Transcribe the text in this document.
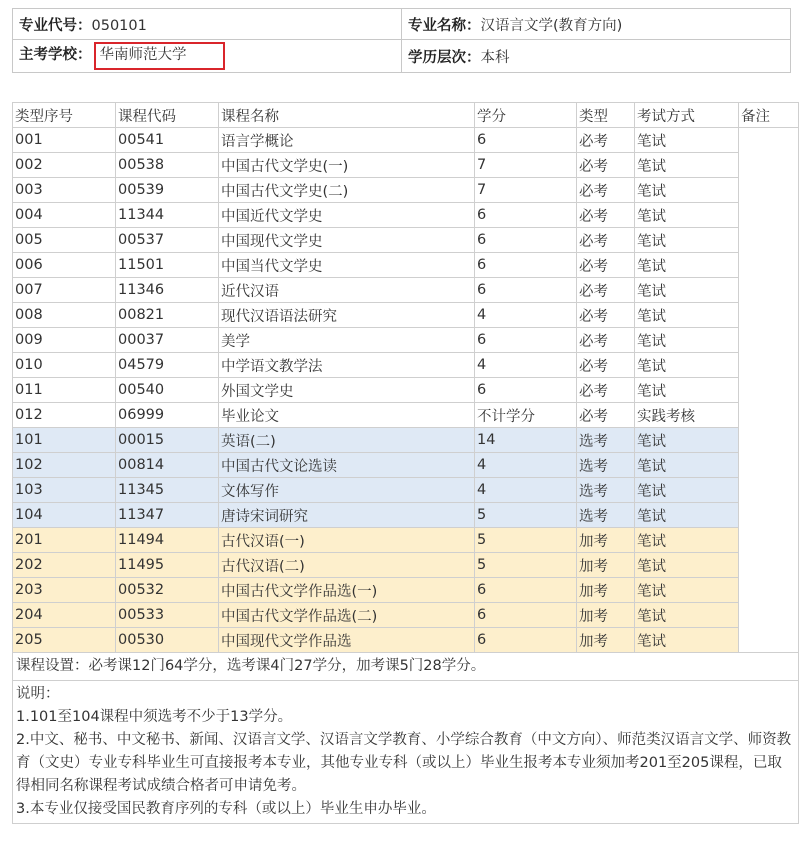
专业代号：050101	专业名称：汉语言文学(教育方向)
主考学校： 华南师范大学	学历层次：本科
类型序号	课程代码	课程名称	学分	类型	考试方式	备注
001	00541	语言学概论	6	必考	笔试	
002	00538	中国古代文学史(一)	7	必考	笔试	
003	00539	中国古代文学史(二)	7	必考	笔试	
004	11344	中国近代文学史	6	必考	笔试	
005	00537	中国现代文学史	6	必考	笔试	
006	11501	中国当代文学史	6	必考	笔试	
007	11346	近代汉语	6	必考	笔试	
008	00821	现代汉语语法研究	4	必考	笔试	
009	00037	美学	6	必考	笔试	
010	04579	中学语文教学法	4	必考	笔试	
011	00540	外国文学史	6	必考	笔试	
012	06999	毕业论文	不计学分	必考	实践考核	
101	00015	英语(二)	14	选考	笔试	
102	00814	中国古代文论选读	4	选考	笔试	
103	11345	文体写作	4	选考	笔试	
104	11347	唐诗宋词研究	5	选考	笔试	
201	11494	古代汉语(一)	5	加考	笔试	
202	11495	古代汉语(二)	5	加考	笔试	
203	00532	中国古代文学作品选(一)	6	加考	笔试	
204	00533	中国古代文学作品选(二)	6	加考	笔试	
205	00530	中国现代文学作品选	6	加考	笔试	
课程设置：必考课12门64学分，选考课4门27学分，加考课5门28学分。						

说明：
1.101至104课程中须选考不少于13学分。
2.中文、秘书、中文秘书、新闻、汉语言文学、汉语言文学教育、小学综合教育（中文方向）、师范类汉语言文学、师资教育（文史）专业专科毕业生可直接报考本专业，其他专业专科（或以上）毕业生报考本专业须加考201至205课程，已取得相同名称课程考试成绩合格者可申请免考。
3.本专业仅接受国民教育序列的专科（或以上）毕业生申办毕业。						
